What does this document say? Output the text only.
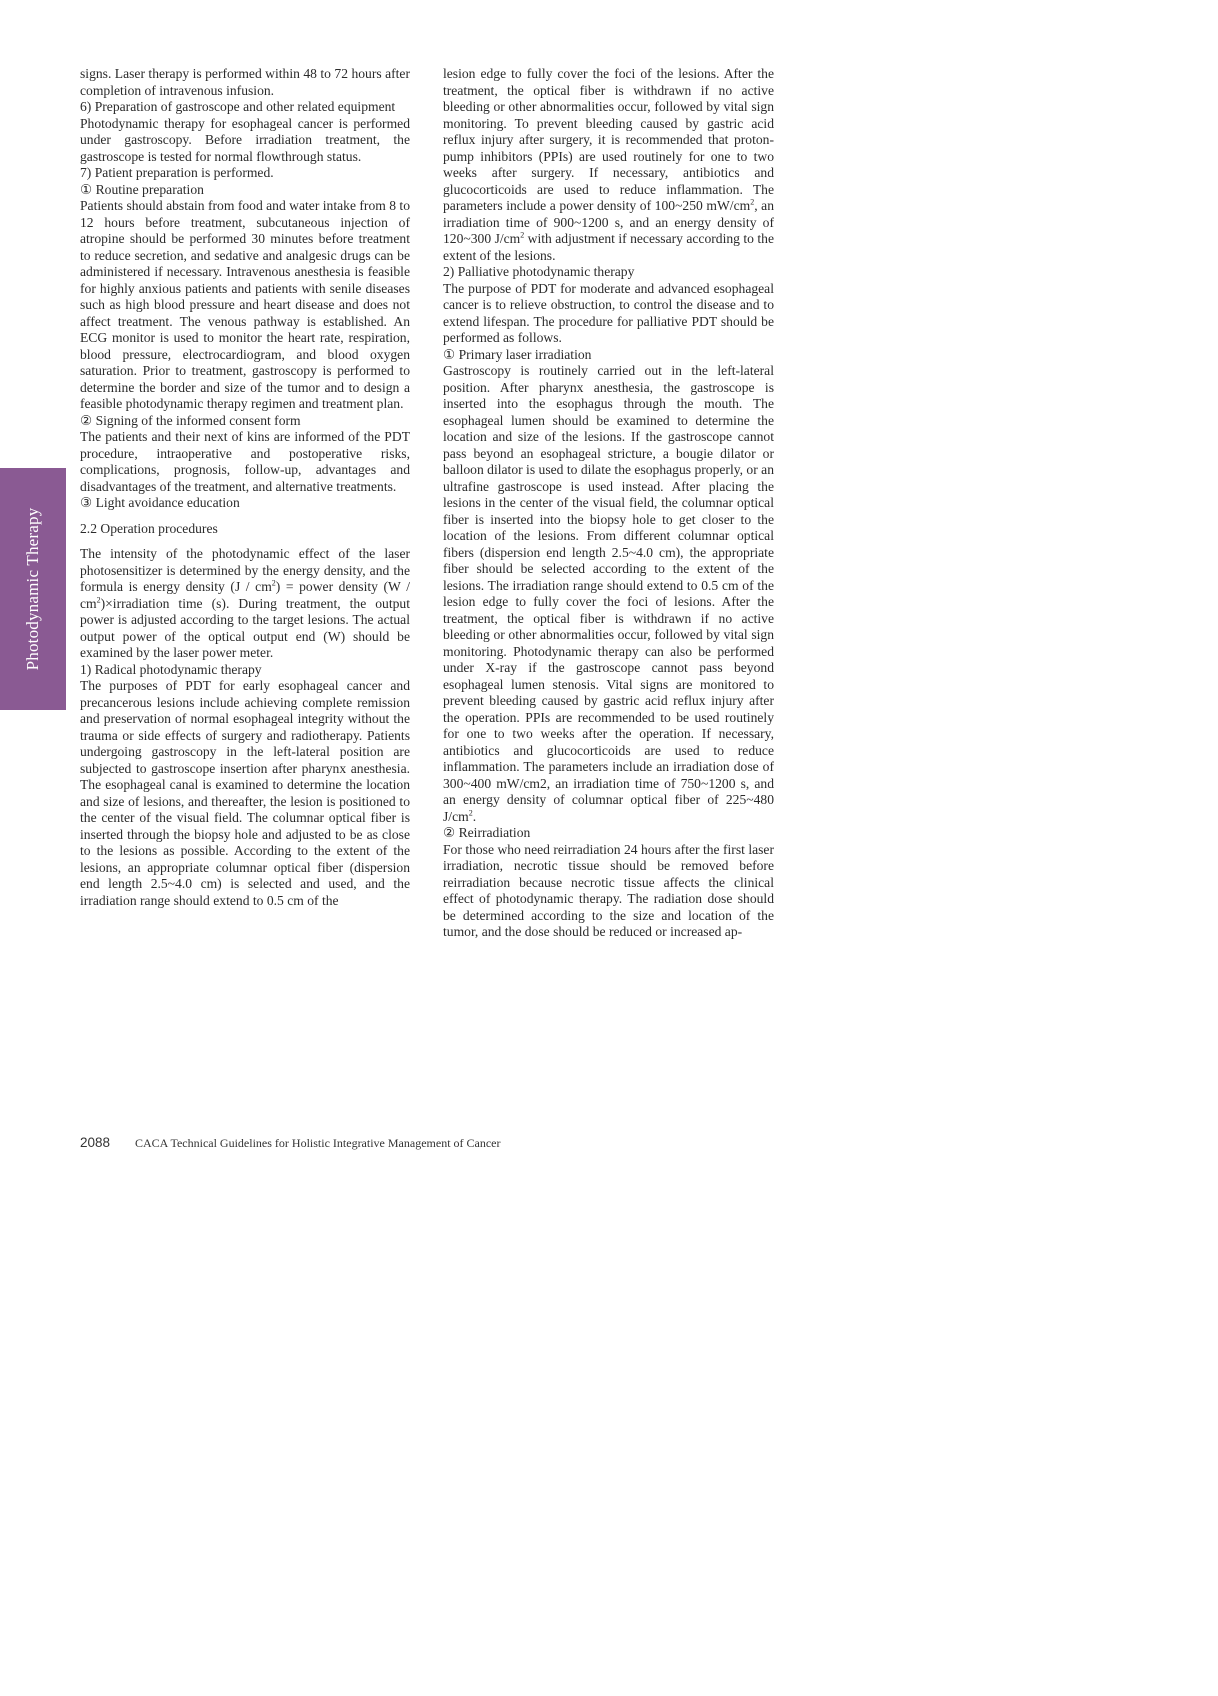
Photodynamic Therapy

signs. Laser therapy is performed within 48 to 72 hours after completion of intravenous infusion.

6) Preparation of gastroscope and other related equipment

Photodynamic therapy for esophageal cancer is performed under gastroscopy. Before irradiation treatment, the gastroscope is tested for normal flowthrough status.

7) Patient preparation is performed.
① Routine preparation

Patients should abstain from food and water intake from 8 to 12 hours before treatment, subcutaneous injection of atropine should be performed 30 minutes before treatment to reduce secretion, and sedative and analgesic drugs can be administered if necessary. Intravenous anesthesia is feasible for highly anxious patients and patients with senile diseases such as high blood pressure and heart disease and does not affect treatment. The venous pathway is established. An ECG monitor is used to monitor the heart rate, respiration, blood pressure, electrocardiogram, and blood oxygen saturation. Prior to treatment, gastroscopy is performed to determine the border and size of the tumor and to design a feasible photodynamic therapy regimen and treatment plan.

② Signing of the informed consent form

The patients and their next of kins are informed of the PDT procedure, intraoperative and postoperative risks, complications, prognosis, follow-up, advantages and disadvantages of the treatment, and alternative treatments.

③ Light avoidance education
2.2 Operation procedures

The intensity of the photodynamic effect of the laser photosensitizer is determined by the energy density, and the formula is energy density $(J / cm^2)$ = power density $(W / cm^2)\times irradiation$ time (s). During treatment, the output power is adjusted according to the target lesions. The actual output power of the optical output end (W) should be examined by the laser power meter.

1) Radical photodynamic therapy

The purposes of PDT for early esophageal cancer and precancerous lesions include achieving complete remission and preservation of normal esophageal integrity without the trauma or side effects of surgery and radiotherapy. Patients undergoing gastroscopy in the left-lateral position are subjected to gastroscope insertion after pharynx anesthesia. The esophageal canal is examined to determine the location and size of lesions, and thereafter, the lesion is positioned to the center of the visual field. The columnar optical fiber is inserted through the biopsy hole and adjusted to be as close to the lesions as possible. According to the extent of the lesions, an appropriate columnar optical fiber (dispersion end length 2.5~4.0 cm) is selected and used, and the irradiation range should extend to 0.5 cm of the

lesion edge to fully cover the foci of the lesions. After the treatment, the optical fiber is withdrawn if no active bleeding or other abnormalities occur, followed by vital sign monitoring. To prevent bleeding caused by gastric acid reflux injury after surgery, it is recommended that proton-pump inhibitors (PPIs) are used routinely for one to two weeks after surgery. If necessary, antibiotics and glucocorticoids are used to reduce inflammation. The parameters include a power density of 100~250 $mW/cm^2$, an irradiation time of 900~1200 s, and an energy density of 120~300 $J/cm^2$ with adjustment if necessary according to the extent of the lesions.

2) Palliative photodynamic therapy

The purpose of PDT for moderate and advanced esophageal cancer is to relieve obstruction, to control the disease and to extend lifespan. The procedure for palliative PDT should be performed as follows.

① Primary laser irradiation

Gastroscopy is routinely carried out in the left-lateral position. After pharynx anesthesia, the gastroscope is inserted into the esophagus through the mouth. The esophageal lumen should be examined to determine the location and size of the lesions. If the gastroscope cannot pass beyond an esophageal stricture, a bougie dilator or balloon dilator is used to dilate the esophagus properly, or an ultrafine gastroscope is used instead. After placing the lesions in the center of the visual field, the columnar optical fiber is inserted into the biopsy hole to get closer to the location of the lesions. From different columnar optical fibers (dispersion end length 2.5~4.0 cm), the appropriate fiber should be selected according to the extent of the lesions. The irradiation range should extend to 0.5 cm of the lesion edge to fully cover the foci of lesions. After the treatment, the optical fiber is withdrawn if no active bleeding or other abnormalities occur, followed by vital sign monitoring. Photodynamic therapy can also be performed under X-ray if the gastroscope cannot pass beyond esophageal lumen stenosis. Vital signs are monitored to prevent bleeding caused by gastric acid reflux injury after the operation. PPIs are recommended to be used routinely for one to two weeks after the operation. If necessary, antibiotics and glucocorticoids are used to reduce inflammation. The parameters include an irradiation dose of 300~400 mW/cm2, an irradiation time of 750~1200 s, and an energy density of columnar optical fiber of 225~480 $J/cm^2$.

② Reirradiation

For those who need reirradiation 24 hours after the first laser irradiation, necrotic tissue should be removed before reirradiation because necrotic tissue affects the clinical effect of photodynamic therapy. The radiation dose should be determined according to the size and location of the tumor, and the dose should be reduced or increased ap-

2088 CACA Technical Guidelines for Holistic Integrative Management of Cancer
